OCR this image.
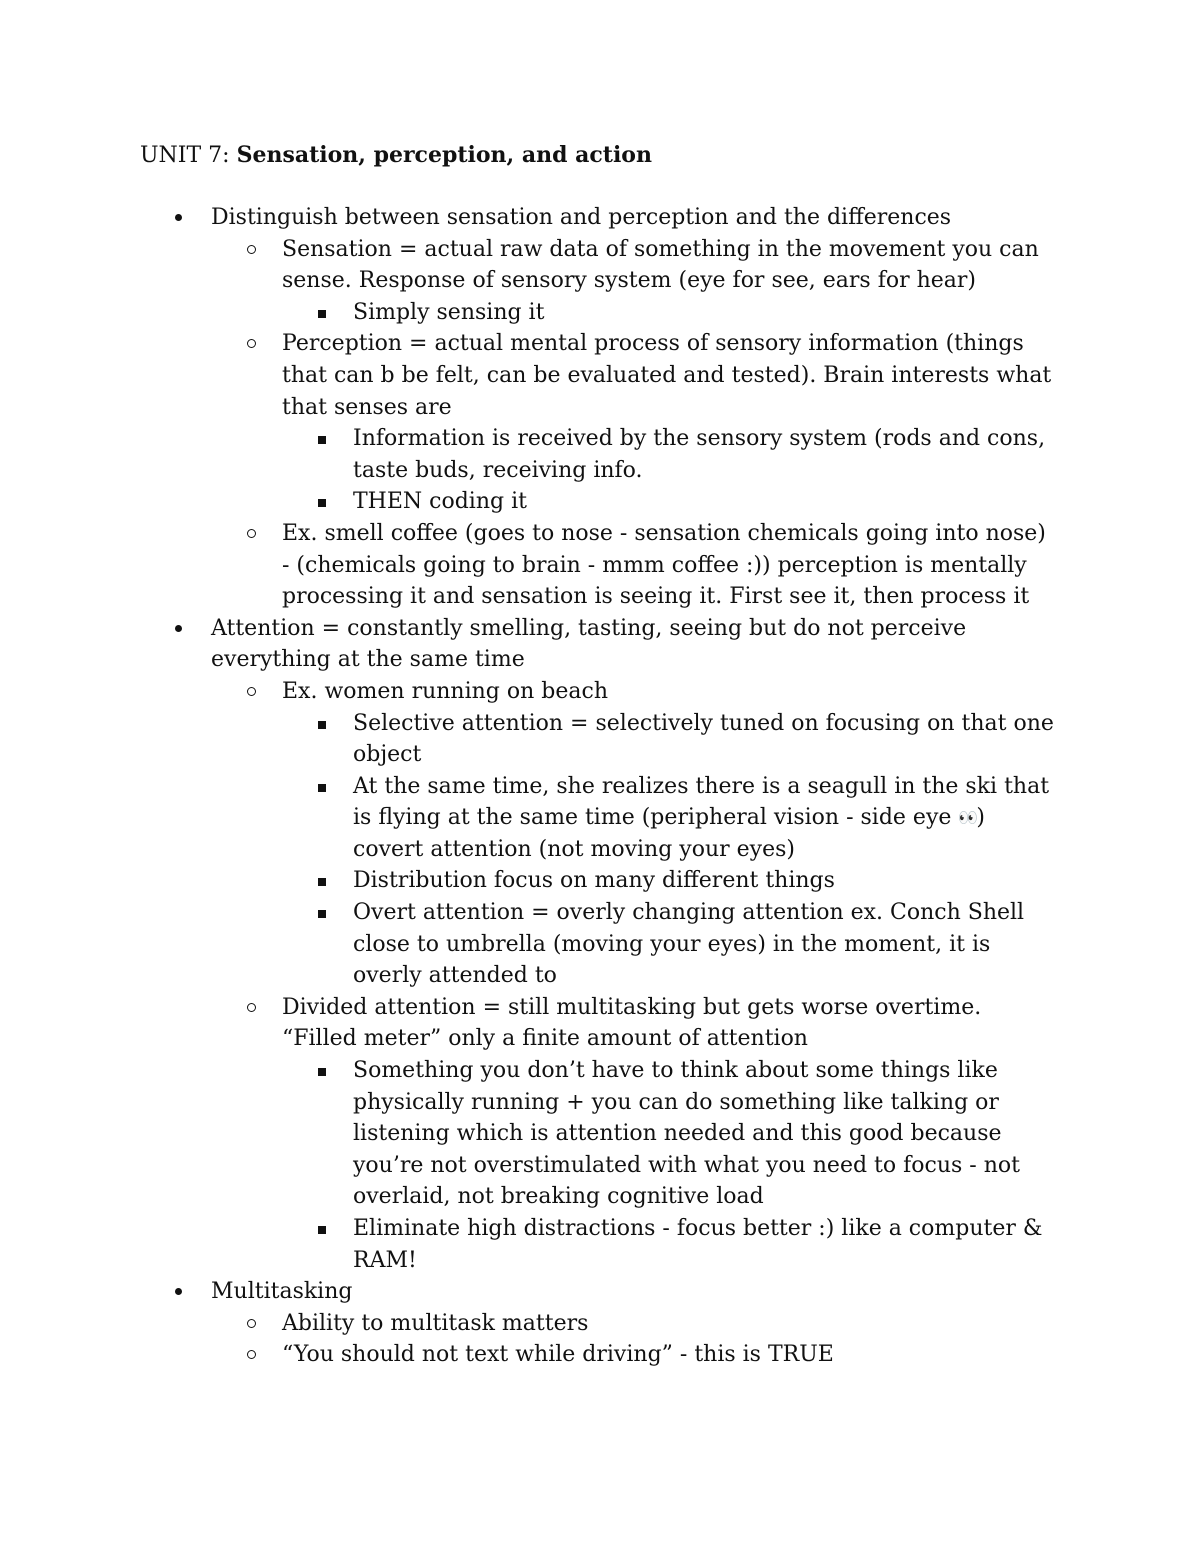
UNIT 7: Sensation, perception, and action
Distinguish between sensation and perception and the differences
Sensation = actual raw data of something in the movement you can sense. Response of sensory system (eye for see, ears for hear)
Simply sensing it
Perception = actual mental process of sensory information (things that can b be felt, can be evaluated and tested). Brain interests what that senses are
Information is received by the sensory system (rods and cons, taste buds, receiving info.
THEN coding it
Ex. smell coffee (goes to nose - sensation chemicals going into nose) - (chemicals going to brain - mmm coffee :)) perception is mentally processing it and sensation is seeing it. First see it, then process it
Attention = constantly smelling, tasting, seeing but do not perceive everything at the same time
Ex. women running on beach
Selective attention = selectively tuned on focusing on that one object
At the same time, she realizes there is a seagull in the ski that is flying at the same time (peripheral vision - side eye 👀) covert attention (not moving your eyes)
Distribution focus on many different things
Overt attention = overly changing attention ex. Conch Shell close to umbrella (moving your eyes) in the moment, it is overly attended to
Divided attention = still multitasking but gets worse overtime. “Filled meter” only a finite amount of attention
Something you don’t have to think about some things like physically running + you can do something like talking or listening which is attention needed and this good because you’re not overstimulated with what you need to focus - not overlaid, not breaking cognitive load
Eliminate high distractions - focus better :) like a computer & RAM!
Multitasking
Ability to multitask matters
“You should not text while driving” - this is TRUE
